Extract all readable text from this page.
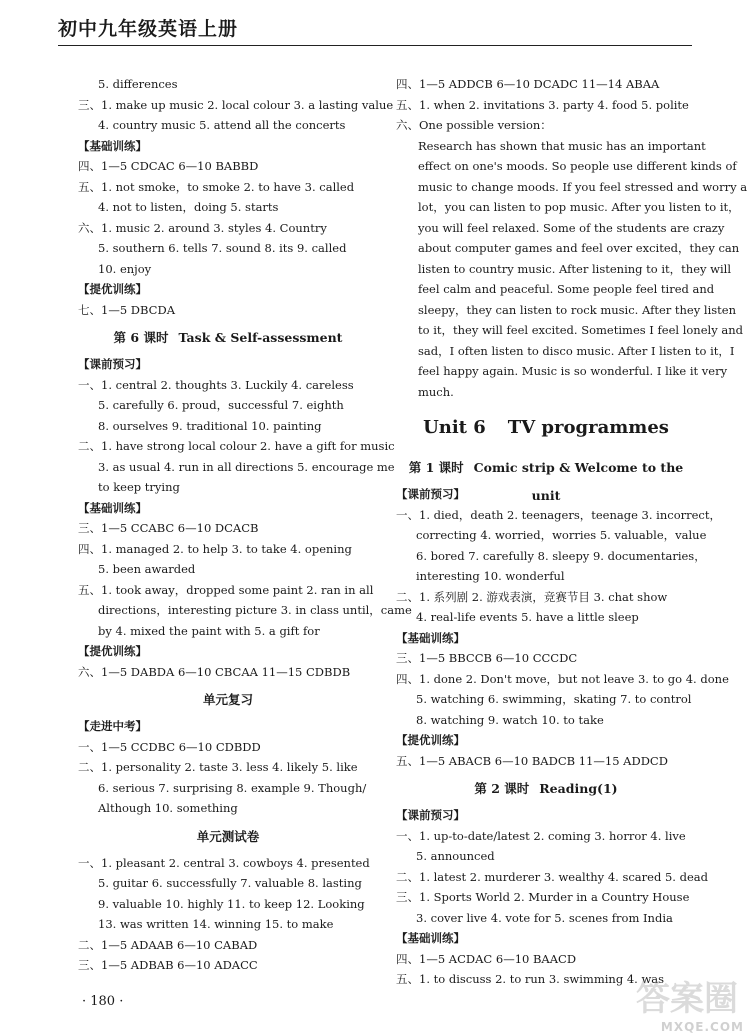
初中九年级英语上册
5. differences
三、1. make up music 2. local colour 3. a lasting value
4. country music 5. attend all the concerts
【基础训练】
四、1—5 CDCAC 6—10 BABBD
五、1. not smoke，to smoke 2. to have 3. called
4. not to listen，doing 5. starts
六、1. music 2. around 3. styles 4. Country
5. southern 6. tells 7. sound 8. its 9. called
10. enjoy
【提优训练】
七、1—5 DBCDA
第 6 课时 Task & Self-assessment
【课前预习】
一、1. central 2. thoughts 3. Luckily 4. careless
5. carefully 6. proud，successful 7. eighth
8. ourselves 9. traditional 10. painting
二、1. have strong local colour 2. have a gift for music
3. as usual 4. run in all directions 5. encourage me
to keep trying
【基础训练】
三、1—5 CCABC 6—10 DCACB
四、1. managed 2. to help 3. to take 4. opening
5. been awarded
五、1. took away，dropped some paint 2. ran in all
directions，interesting picture 3. in class until，came
by 4. mixed the paint with 5. a gift for
【提优训练】
六、1—5 DABDA 6—10 CBCAA 11—15 CDBDB
单元复习
【走进中考】
一、1—5 CCDBC 6—10 CDBDD
二、1. personality 2. taste 3. less 4. likely 5. like
6. serious 7. surprising 8. example 9. Though/
Although 10. something
单元测试卷
一、1. pleasant 2. central 3. cowboys 4. presented
5. guitar 6. successfully 7. valuable 8. lasting
9. valuable 10. highly 11. to keep 12. Looking
13. was written 14. winning 15. to make
二、1—5 ADAAB 6—10 CABAD
三、1—5 ADBAB 6—10 ADACC
四、1—5 ADDCB 6—10 DCADC 11—14 ABAA
五、1. when 2. invitations 3. party 4. food 5. polite
六、One possible version：
Research has shown that music has an important
effect on one's moods. So people use different kinds of
music to change moods. If you feel stressed and worry a
lot，you can listen to pop music. After you listen to it，
you will feel relaxed. Some of the students are crazy
about computer games and feel over excited，they can
listen to country music. After listening to it，they will
feel calm and peaceful. Some people feel tired and
sleepy，they can listen to rock music. After they listen
to it，they will feel excited. Sometimes I feel lonely and
sad，I often listen to disco music. After I listen to it，I
feel happy again. Music is so wonderful. I like it very
much.
Unit 6 TV programmes
第 1 课时 Comic strip & Welcome to the unit
【课前预习】
一、1. died，death 2. teenagers，teenage 3. incorrect，
correcting 4. worried，worries 5. valuable，value
6. bored 7. carefully 8. sleepy 9. documentaries，
interesting 10. wonderful
二、1. 系列剧 2. 游戏表演，竞赛节目 3. chat show
4. real-life events 5. have a little sleep
【基础训练】
三、1—5 BBCCB 6—10 CCCDC
四、1. done 2. Don't move，but not leave 3. to go 4. done
5. watching 6. swimming，skating 7. to control
8. watching 9. watch 10. to take
【提优训练】
五、1—5 ABACB 6—10 BADCB 11—15 ADDCD
第 2 课时 Reading(1)
【课前预习】
一、1. up-to-date/latest 2. coming 3. horror 4. live
5. announced
二、1. latest 2. murderer 3. wealthy 4. scared 5. dead
三、1. Sports World 2. Murder in a Country House
3. cover live 4. vote for 5. scenes from India
【基础训练】
四、1—5 ACDAC 6—10 BAACD
五、1. to discuss 2. to run 3. swimming 4. was
· 180 ·	答案圈
MXQE.COM
